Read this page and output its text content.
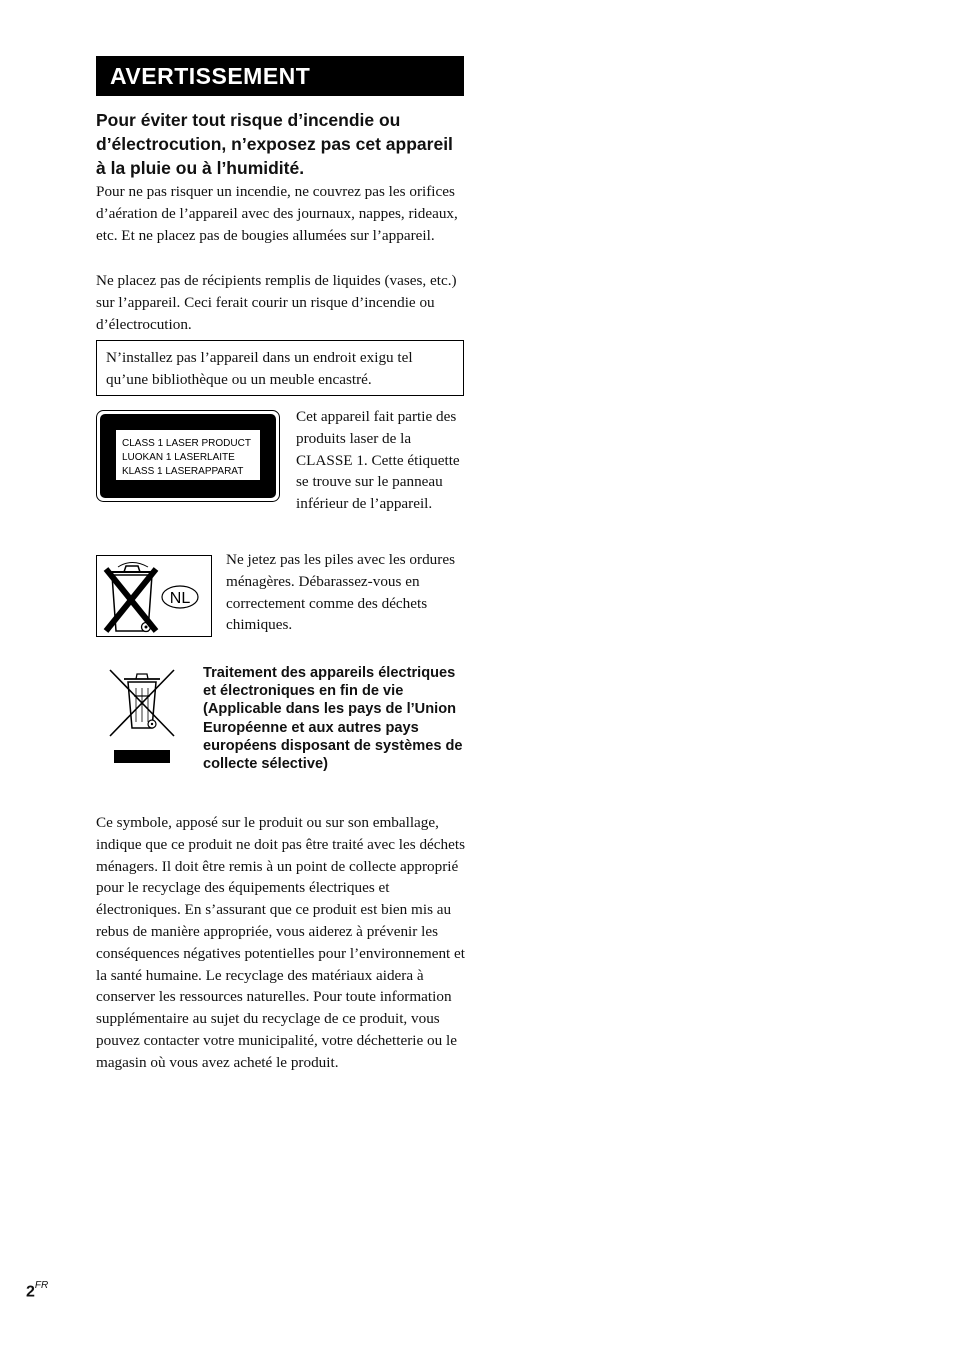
AVERTISSEMENT
Pour éviter tout risque d’incendie ou d’électrocution, n’exposez pas cet appareil à la pluie ou à l’humidité.

Pour ne pas risquer un incendie, ne couvrez pas les orifices d’aération de l’appareil avec des journaux, nappes, rideaux, etc. Et ne placez pas de bougies allumées sur l’appareil.

Ne placez pas de récipients remplis de liquides (vases, etc.) sur l’appareil. Ceci ferait courir un risque d’incendie ou d’électrocution.

N’installez pas l’appareil dans un endroit exigu tel qu’une bibliothèque ou un meuble encastré.
CLASS 1 LASER PRODUCT
LUOKAN 1 LASERLAITE
KLASS 1 LASERAPPARAT

Cet appareil fait partie des produits laser de la CLASSE 1. Cette étiquette se trouve sur le panneau inférieur de l’appareil.

NL

Ne jetez pas les piles avec les ordures ménagères. Débarassez-vous en correctement comme des déchets chimiques.

Traitement des appareils électriques et électroniques en fin de vie (Applicable dans les pays de l’Union Européenne et aux autres pays européens disposant de systèmes de collecte sélective)

Ce symbole, apposé sur le produit ou sur son emballage, indique que ce produit ne doit pas être traité avec les déchets ménagers. Il doit être remis à un point de collecte approprié pour le recyclage des équipements électriques et électroniques. En s’assurant que ce produit est bien mis au rebus de manière appropriée, vous aiderez à prévenir les conséquences négatives potentielles pour l’environnement et la santé humaine. Le recyclage des matériaux aidera à conserver les ressources naturelles. Pour toute information supplémentaire au sujet du recyclage de ce produit, vous pouvez contacter votre municipalité, votre déchetterie ou le magasin où vous avez acheté le produit.

$2^{FR}$
